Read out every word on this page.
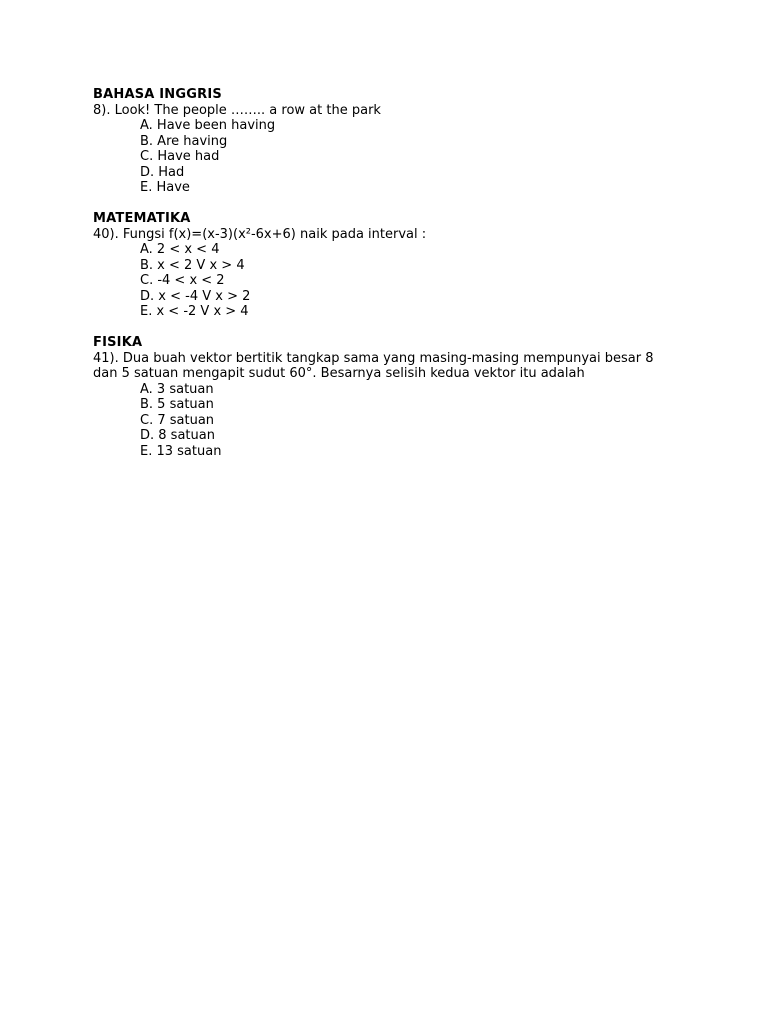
BAHASA INGGRIS

8). Look! The people …….. a row at the park

A. Have been having
B. Are having
C. Have had
D. Had
E. Have

MATEMATIKA

40). Fungsi f(x)=(x-3)(x²-6x+6) naik pada interval :

A. 2 < x < 4
B. x < 2 V x > 4
C. -4 < x < 2
D. x < -4 V x > 2
E. x < -2 V x > 4

FISIKA

41). Dua buah vektor bertitik tangkap sama yang masing-masing mempunyai besar 8 dan 5 satuan mengapit sudut 60°. Besarnya selisih kedua vektor itu adalah

A. 3 satuan
B. 5 satuan
C. 7 satuan
D. 8 satuan
E. 13 satuan
